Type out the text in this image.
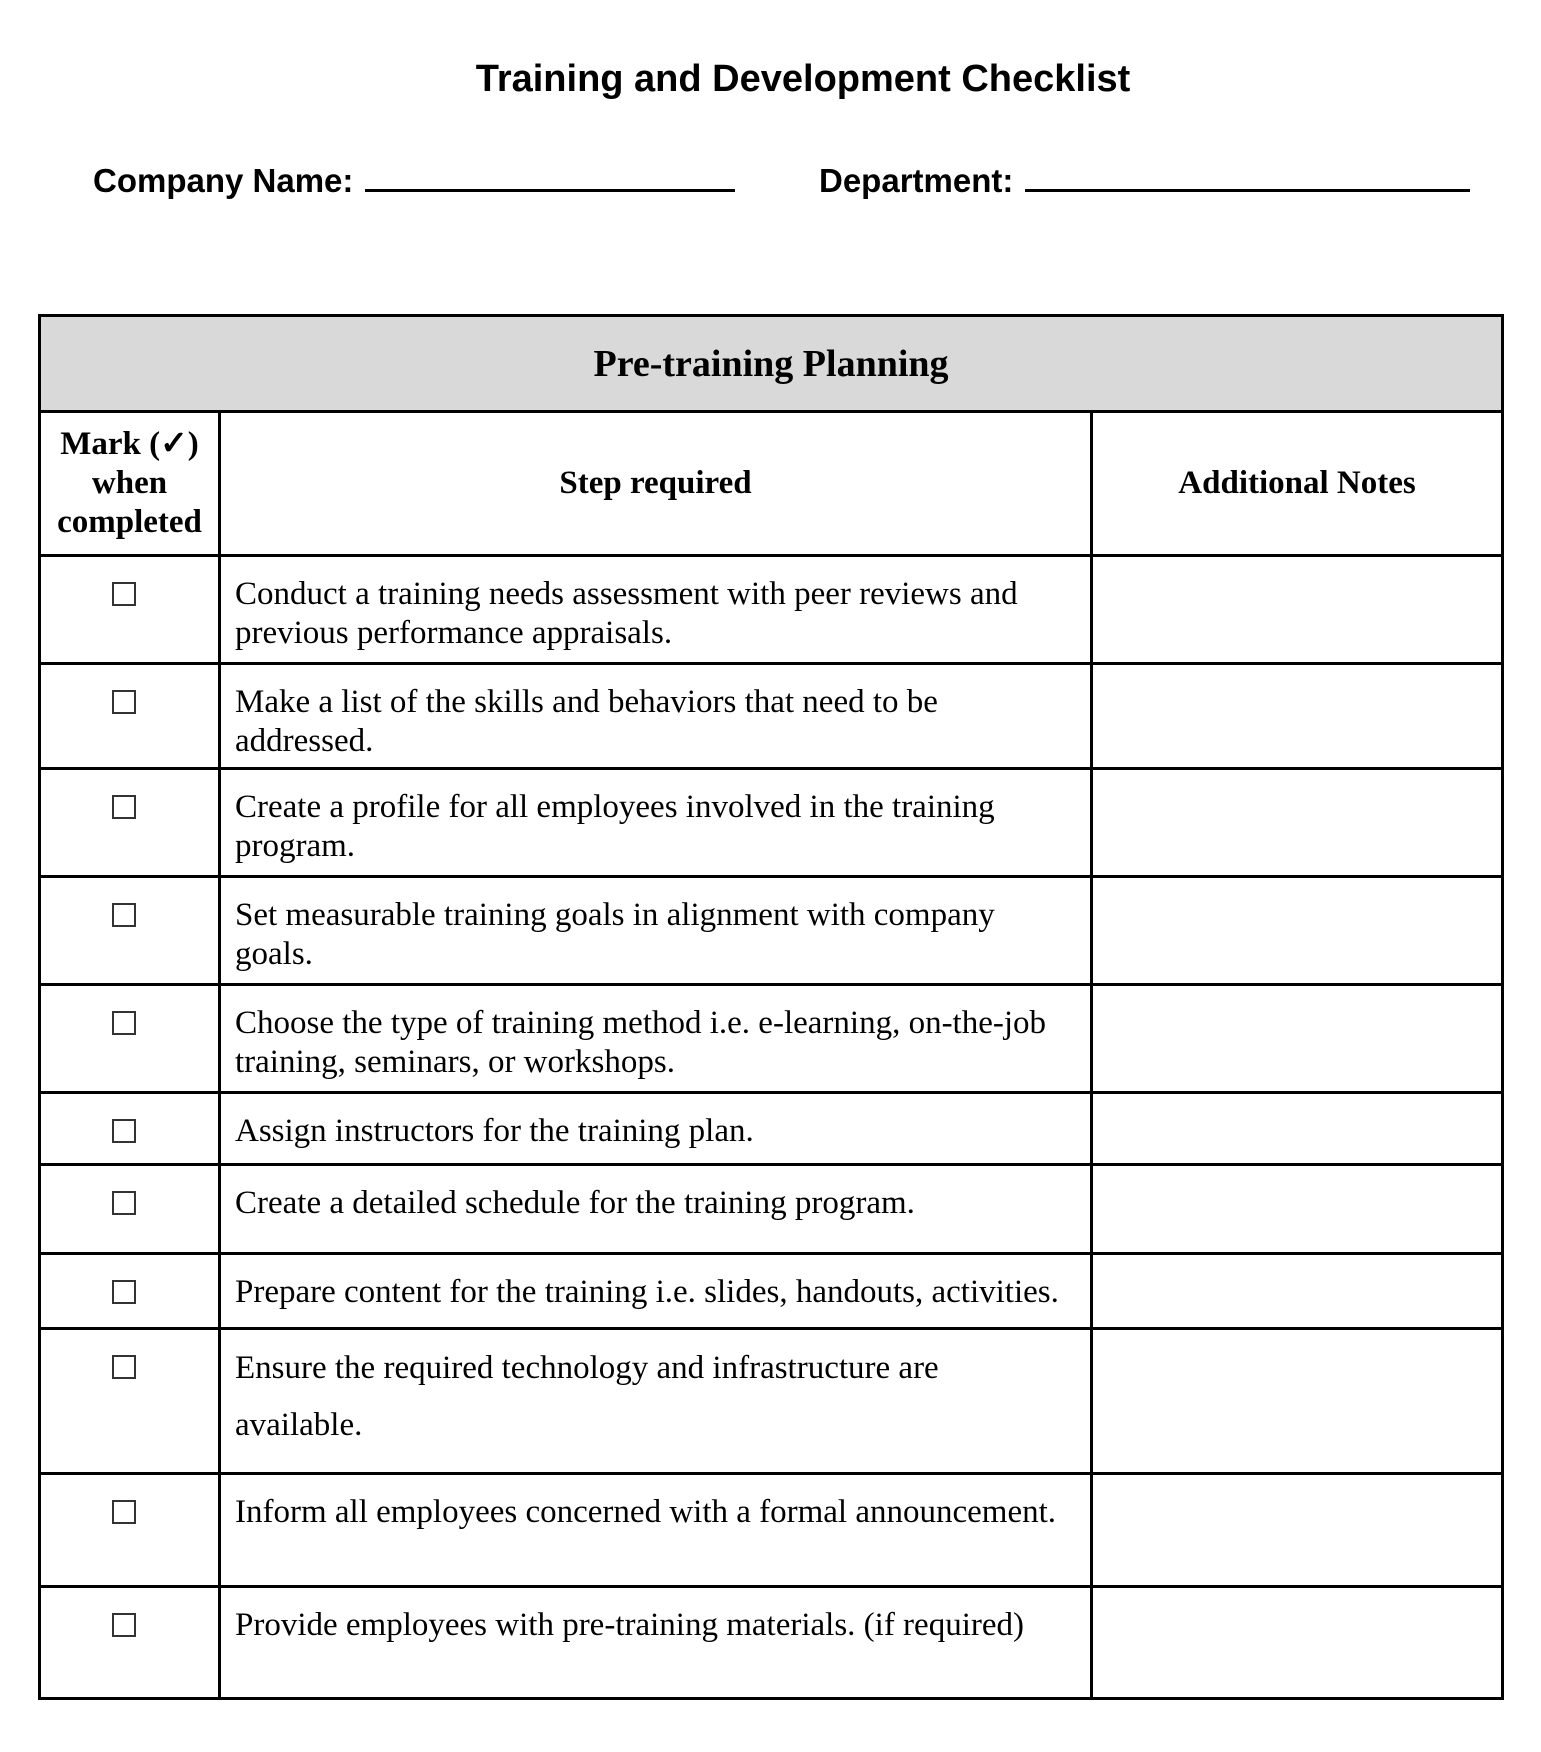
Training and Development Checklist
Company Name:	Department:
Pre-training Planning		
Mark (✓) when completed	Step required	Additional Notes
	Conduct a training needs assessment with peer reviews and previous performance appraisals.	
	Make a list of the skills and behaviors that need to be addressed.	
	Create a profile for all employees involved in the training program.	
	Set measurable training goals in alignment with company goals.	
	Choose the type of training method i.e. e-learning, on-the-job training, seminars, or workshops.	
	Assign instructors for the training plan.	
	Create a detailed schedule for the training program.	
	Prepare content for the training i.e. slides, handouts, activities.	
	Ensure the required technology and infrastructure are available.	
	Inform all employees concerned with a formal announcement.	
	Provide employees with pre-training materials. (if required)	
